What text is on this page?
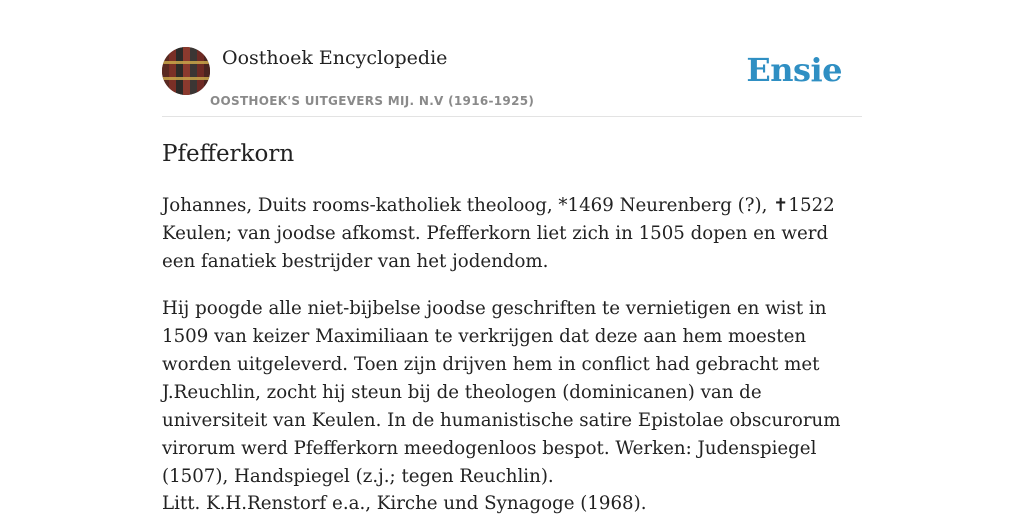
Oosthoek Encyclopedie
OOSTHOEK'S UITGEVERS MIJ. N.V (1916-1925)
Ensie
Pfefferkorn

Johannes, Duits rooms-katholiek theoloog, *1469 Neurenberg (?), ✝1522 Keulen; van joodse afkomst. Pfefferkorn liet zich in 1505 dopen en werd een fanatiek bestrijder van het jodendom.

Hij poogde alle niet-bijbelse joodse geschriften te vernietigen en wist in 1509 van keizer Maximiliaan te verkrijgen dat deze aan hem moesten worden uitgeleverd. Toen zijn drijven hem in conflict had gebracht met J.Reuchlin, zocht hij steun bij de theologen (dominicanen) van de universiteit van Keulen. In de humanistische satire Epistolae obscurorum virorum werd Pfefferkorn meedogenloos bespot. Werken: Judenspiegel (1507), Handspiegel (z.j.; tegen Reuchlin).

Litt. K.H.Renstorf e.a., Kirche und Synagoge (1968).
